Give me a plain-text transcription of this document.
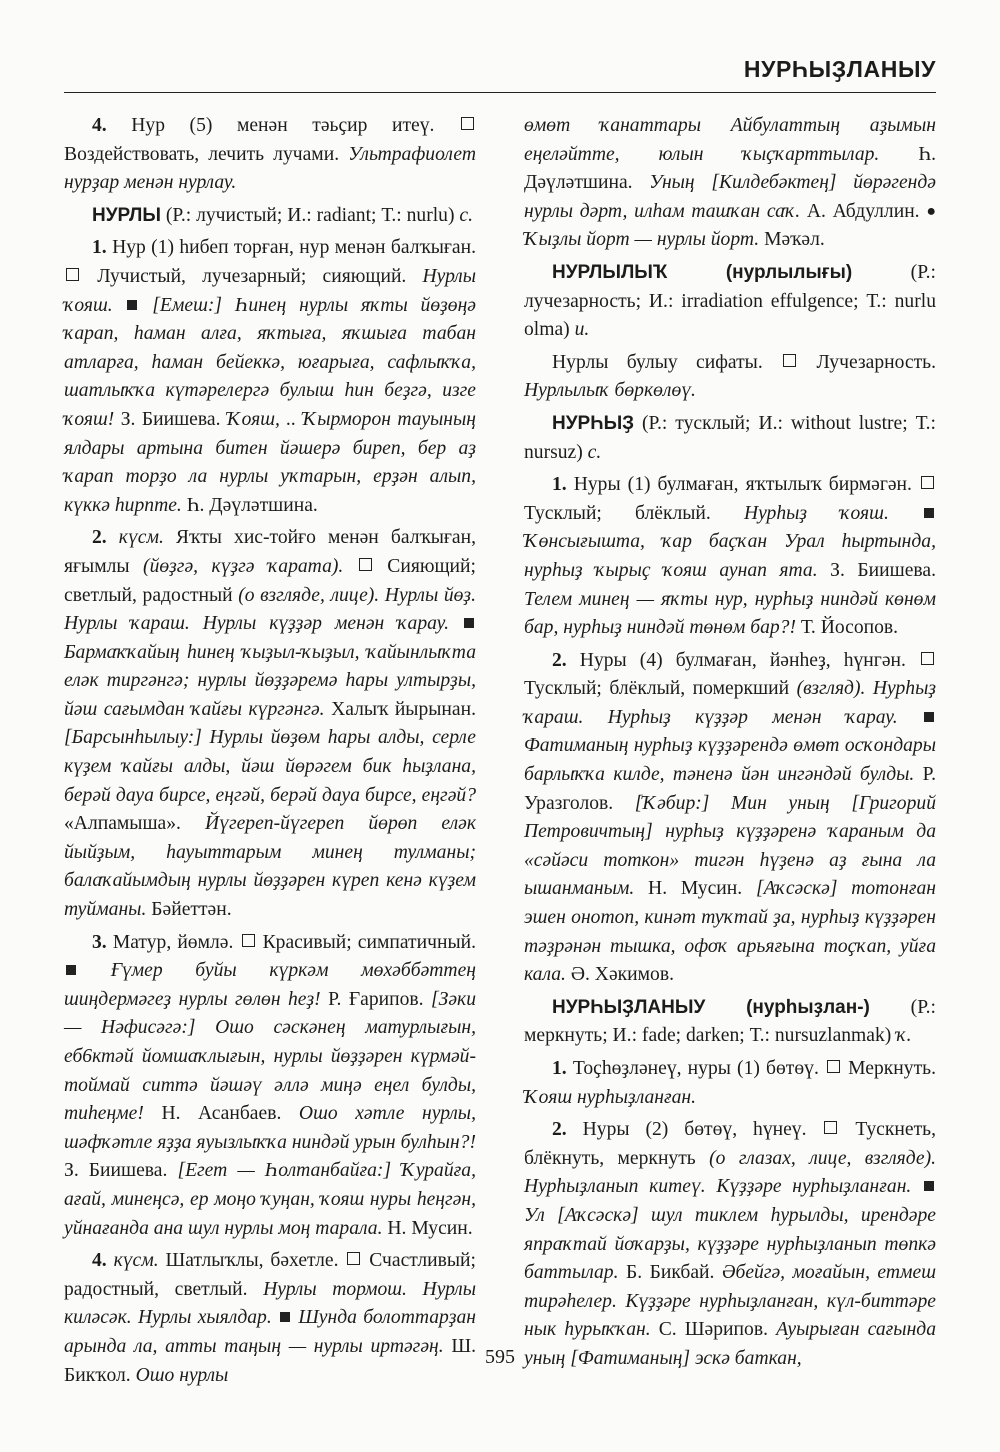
НУРҺЫҘЛАНЫУ

4. Нур (5) менән тәьҫир итеү.  Воздействовать, лечить лучами. Ультрафиолет нурҙар менән нурлау.

НУРЛЫ (Р.: лучистый; И.: radiant; Т.: nurlu) с.

1. Нур (1) һибеп торған, нур менән балҡыған.  Лучистый, лучезарный; сияющий. Нурлы ҡояш. [Емеш:] Һинең нурлы яҡты йөҙөңә ҡарап, һаман алға, яҡтыға, яҡшыға табан атларға, һаман бейеккә, юғарыға, сафлыҡҡа, шатлыҡҡа күтәрелергә булыш һин беҙгә, изге ҡояш! З. Биишева. Ҡояш, .. Ҡырморон тауының ялдары артына битен йәшерә биреп, бер аҙ ҡарап торҙо ла нурлы уҡтарын, ерҙән алып, күккә һирпте. Һ. Дәүләтшина.

2. күсм. Яҡты хис-тойғо менән балҡыған, яғымлы (йөҙгә, күҙгә ҡарата). Сияющий; светлый, радостный (о взгляде, лице). Нурлы йөҙ. Нурлы ҡараш. Нурлы күҙҙәр менән ҡарау.  Бармаҡҡайың һинең ҡыҙыл-ҡыҙыл, ҡайынлыҡта еләк тиргәнгә; нурлы йөҙҙәремә һары ултырҙы, йәш сағымдан ҡайғы күргәнгә. Халыҡ йырынан. [Барсынһылыу:] Нурлы йөҙөм һары алды, серле күҙем ҡайғы алды, йәш йөрәгем бик һыҙлана, берәй дауа бирсе, еңгәй, берәй дауа бирсе, еңгәй? «Алпамыша». Йүгереп-йүгереп йөрөп еләк йыйҙым, һауыттарым минең тулманы; балаҡайымдың нурлы йөҙҙәрен күреп кенә күҙем туйманы. Бәйеттән.

3. Матур, йөмлә. Красивый; симпатичный.  Ғүмер буйы күркәм мөхәббәттең шиңдермәгеҙ нурлы гөлөн һеҙ! Р. Ғарипов. [Зәки — Нәфисәгә:] Ошо сәскәнең матурлығын, еб6ктәй йомшаҡлығын, нурлы йөҙҙәрен күрмәй-тоймай ситтә йәшәү әллә миңә еңел булды, тиһеңме! Н. Асанбаев. Ошо хәтле нурлы, шәфҡәтле яҙҙа яуызлыҡҡа ниндәй урын булһын?! З. Биишева. [Егет — Һолтанбайға:] Ҡурайға, ағай, минеңсә, ер моңо ҡуңан, ҡояш нуры һеңгән, уйнағанда ана шул нурлы моң тарала. Н. Мусин.

4. күсм. Шатлыҡлы, бәхетле. Счастливый; радостный, светлый. Нурлы тормош. Нурлы киләсәк. Нурлы хыялдар. Шунда болоттарҙан арында ла, атты таңың — нурлы иртәгәң. Ш. Бикҡол. Ошо нурлы

өмөт ҡанаттары Айбулаттың аҙымын еңеләйтте, юлын ҡыҫҡарттылар. Һ. Дәүләтшина. Уның [Килдебәктең] йөрәгендә нурлы дәрт, илһам ташҡан саҡ. А. Абдуллин. ● Ҡыҙлы йорт — нурлы йорт. Мәҡәл.

НУРЛЫЛЫҠ	(нурлылығы)	(Р.: лучезарность; И.: irradiation effulgence; Т.: nurlu olma) и.

Нурлы булыу сифаты.	Лучезарность. Нурлылыҡ бөркөлөү.

НУРҺЫҘ (Р.: тусклый; И.: without lustre; Т.: nursuz) с.

1. Нуры (1) булмаған, яҡтылыҡ бирмәгән.  Тусклый; блёклый. Нурһыҙ ҡояш.  Ҡөнсығышта, ҡар баҫҡан Урал һыртында, нурһыҙ ҡырыҫ ҡояш аунап ята. З. Биишева. Телем минең — яҡты нур, нурһыҙ ниндәй көнөм бар, нурһыҙ ниндәй төнөм бар?! Т. Йосопов.

2. Нуры (4) булмаған, йәнһеҙ, һүнгән.  Тусклый; блёклый, померкший (взгляд). Нурһыҙ ҡараш. Нурһыҙ күҙҙәр менән ҡарау.  Фатиманың нурһыҙ күҙҙәрендә өмөт осҡондары барлыҡҡа килде, тәненә йән ингәндәй булды. Р. Уразголов. [Ҡәбир:] Мин уның [Григорий Петровичтың] нурһыҙ күҙҙәренә ҡараным да «сәйәси тоткон» тигән һүҙенә аҙ ғына ла ышанманым. Н. Мусин. [Аҡсәскә] тотонған эшен онотоп, кинәт туҡтай ҙа, нурһыҙ күҙҙәрен тәҙрәнән тышка, офоҡ арьяғына тоҫҡап, уйға кала. Ә. Хәкимов.

НУРҺЫҘЛАНЫУ (нурһыҙлан-) (Р.: меркнуть; И.: fade; darken; Т.: nursuzlanmak) ҡ.

1. Тоҫһөҙләнеү, нуры (1) бөтөү. Меркнуть. Ҡояш нурһыҙланған.

2. Нуры (2) бөтөү, һүнеү. Тускнеть, блёкнуть, меркнуть (о глазах, лице, взгляде). Нурһыҙланып китеү. Күҙҙәре нурһыҙланған.  Ул [Аҡсәскә] шул тиклем һурылды, ирендәре япраҡтай йоҡарҙы, күҙҙәре нурһыҙланып төпкә баттылар. Б. Бикбай. Әбейгә, моғайын, етмеш тирәһелер. Күҙҙәре нурһыҙланған, күл-биттәре нык һурыҡҡан. С. Шәрипов. Ауырыған сағында уның [Фатиманың] эскә баткан,

595
